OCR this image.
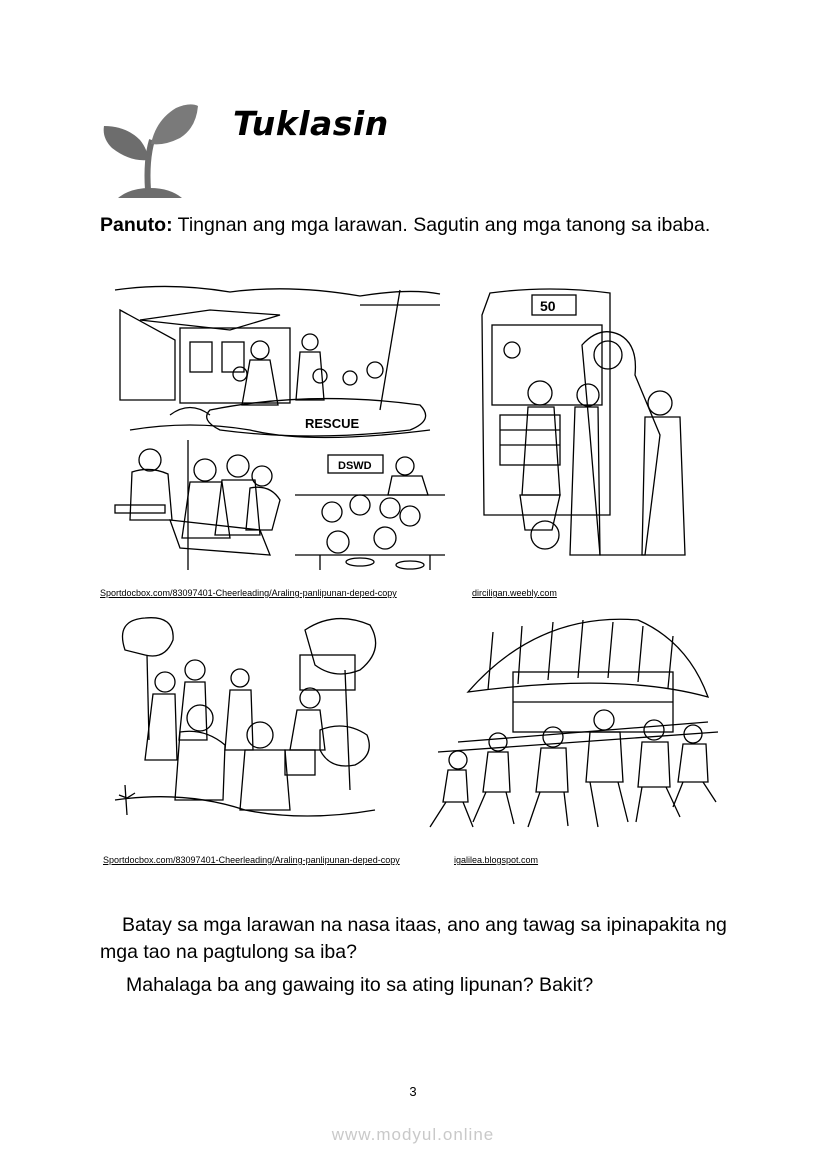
Tuklasin
Panuto: Tingnan ang mga larawan. Sagutin ang mga tanong sa ibaba.
RESCUE
DSWD
Sportdocbox.com/83097401-Cheerleading/Araling-panlipunan-deped-copy
50
dirciligan.weebly.com
Sportdocbox.com/83097401-Cheerleading/Araling-panlipunan-deped-copy	igalilea.blogspot.com
Batay sa mga larawan na nasa itaas, ano ang tawag sa ipinapakita ng mga tao na pagtulong sa iba?
Mahalaga ba ang gawaing ito sa ating lipunan? Bakit?
3
www.modyul.online
